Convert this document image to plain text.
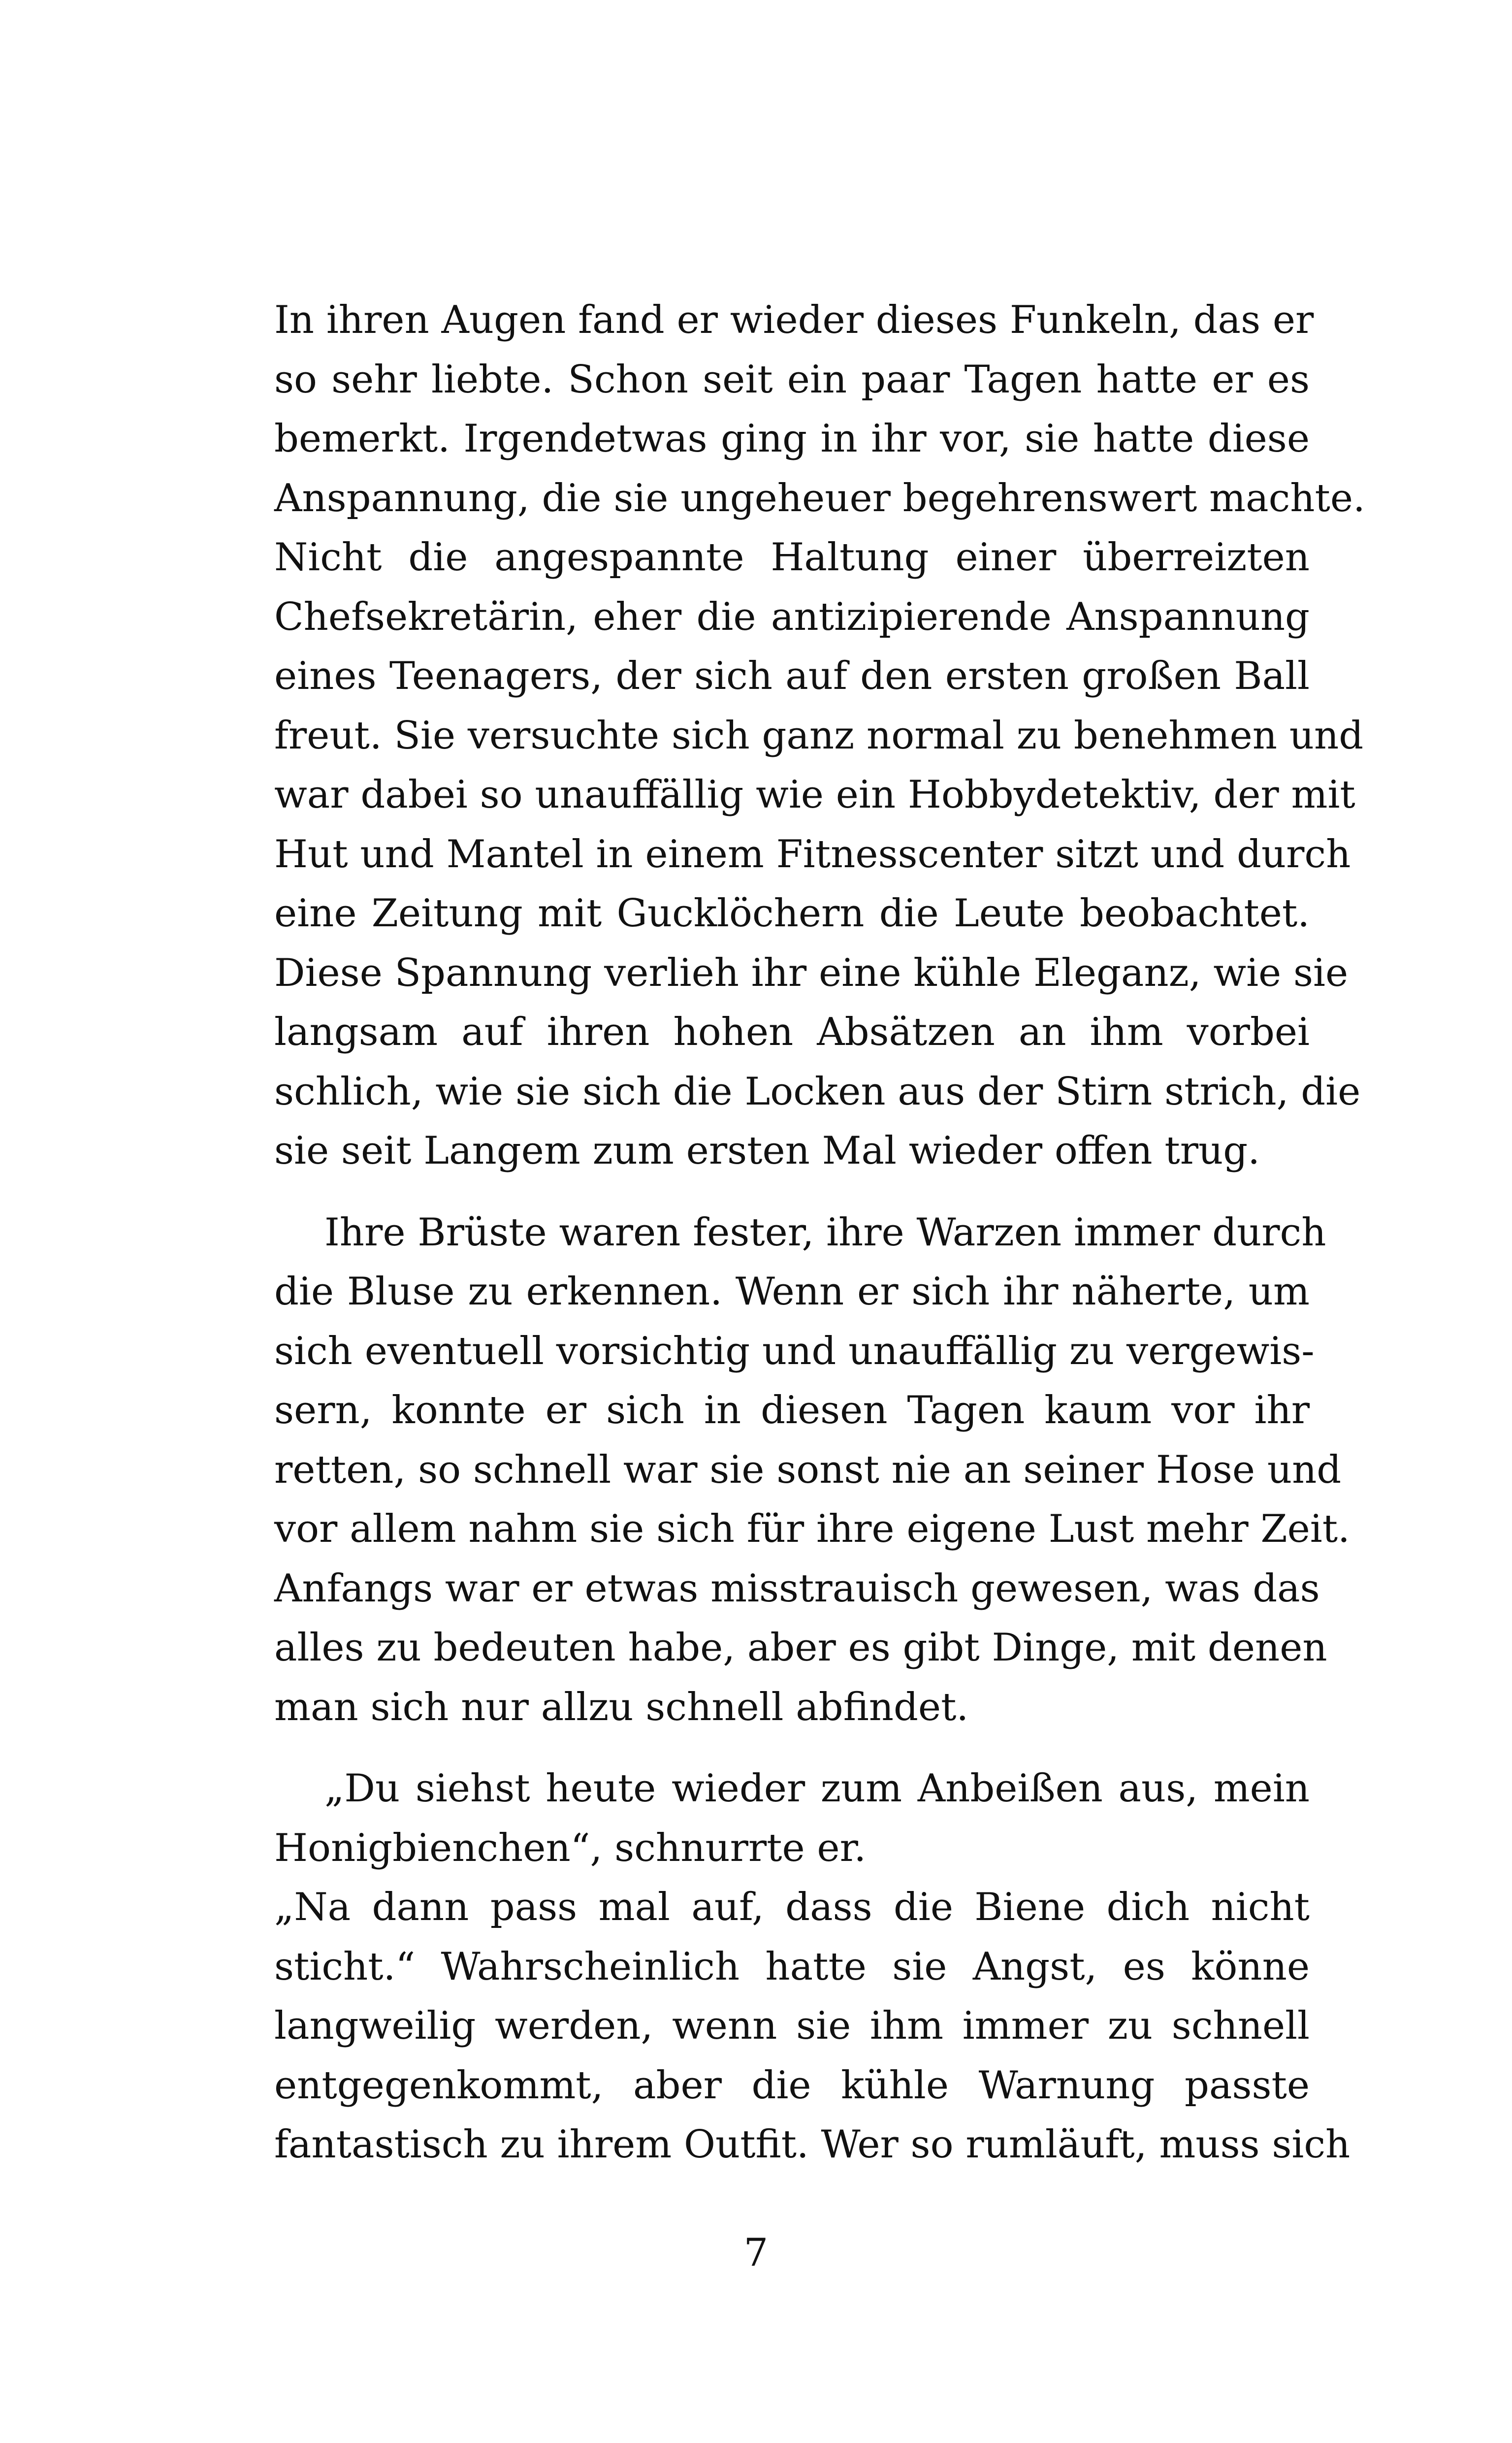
In ihren Augen fand er wieder dieses Funkeln, das er
so sehr liebte. Schon seit ein paar Tagen hatte er es
bemerkt. Irgendetwas ging in ihr vor, sie hatte diese
Anspannung, die sie ungeheuer begehrenswert machte.
Nicht die angespannte Haltung einer überreizten
Chefsekretärin, eher die antizipierende Anspannung
eines Teenagers, der sich auf den ersten großen Ball
freut. Sie versuchte sich ganz normal zu benehmen und
war dabei so unauffällig wie ein Hobbydetektiv, der mit
Hut und Mantel in einem Fitnesscenter sitzt und durch
eine Zeitung mit Gucklöchern die Leute beobachtet.
Diese Spannung verlieh ihr eine kühle Eleganz, wie sie
langsam auf ihren hohen Absätzen an ihm vorbei
schlich, wie sie sich die Locken aus der Stirn strich, die
sie seit Langem zum ersten Mal wieder offen trug.
Ihre Brüste waren fester, ihre Warzen immer durch
die Bluse zu erkennen. Wenn er sich ihr näherte, um
sich eventuell vorsichtig und unauffällig zu vergewis-
sern, konnte er sich in diesen Tagen kaum vor ihr
retten, so schnell war sie sonst nie an seiner Hose und
vor allem nahm sie sich für ihre eigene Lust mehr Zeit.
Anfangs war er etwas misstrauisch gewesen, was das
alles zu bedeuten habe, aber es gibt Dinge, mit denen
man sich nur allzu schnell abfindet.
„Du siehst heute wieder zum Anbeißen aus, mein
Honigbienchen“, schnurrte er.
„Na dann pass mal auf, dass die Biene dich nicht
sticht.“ Wahrscheinlich hatte sie Angst, es könne
langweilig werden, wenn sie ihm immer zu schnell
entgegenkommt, aber die kühle Warnung passte
fantastisch zu ihrem Outfit. Wer so rumläuft, muss sich
7
